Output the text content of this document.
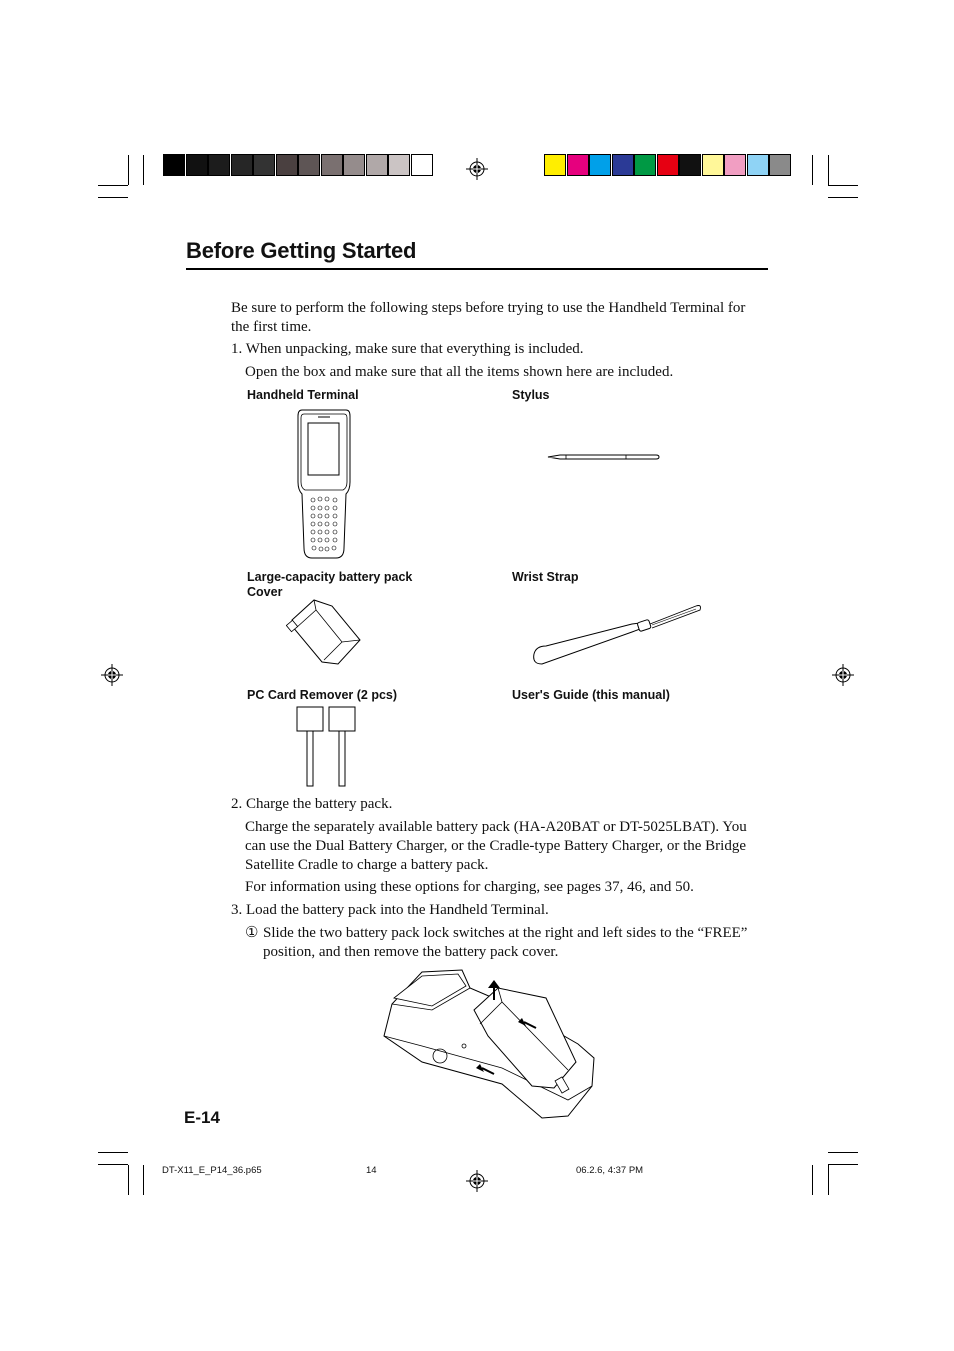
Before Getting Started
Be sure to perform the following steps before trying to use the Handheld Terminal for the first time.
1. When unpacking, make sure that everything is included.
Open the box and make sure that all the items shown here are included.
Handheld Terminal	Stylus
Large-capacity battery pack
Cover
Wrist Strap
PC Card Remover (2 pcs)	User's Guide (this manual)
2. Charge the battery pack.
Charge the separately available battery pack (HA-A20BAT or DT-5025LBAT). You can use the Dual Battery Charger, or the Cradle-type Battery Charger, or the Bridge Satellite Cradle to charge a battery pack.
For information using these options for charging, see pages 37, 46, and 50.
3. Load the battery pack into the Handheld Terminal.
① Slide the two battery pack lock switches at the right and left sides to the “FREE” position, and then remove the battery pack cover.
E-14
DT-X11_E_P14_36.p65	14	06.2.6, 4:37 PM
